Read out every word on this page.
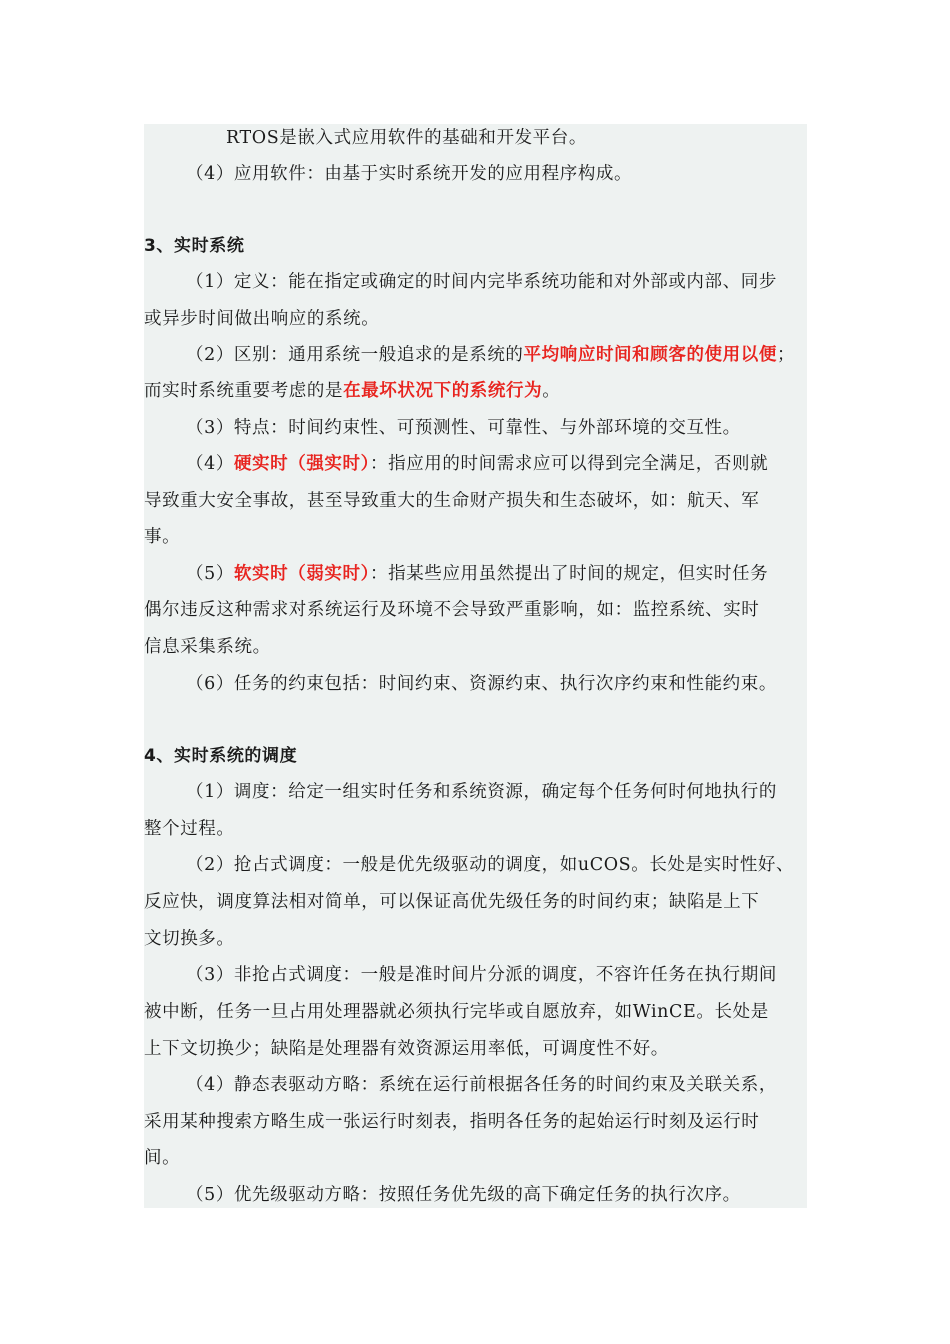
RTOS是嵌入式应用软件的基础和开发平台。
（4）应用软件：由基于实时系统开发的应用程序构成。
3、实时系统
（1）定义：能在指定或确定的时间内完毕系统功能和对外部或内部、同步
或异步时间做出响应的系统。
（2）区别：通用系统一般追求的是系统的平均响应时间和顾客的使用以便；
而实时系统重要考虑的是在最坏状况下的系统行为。
（3）特点：时间约束性、可预测性、可靠性、与外部环境的交互性。
（4）硬实时（强实时）：指应用的时间需求应可以得到完全满足，否则就
导致重大安全事故，甚至导致重大的生命财产损失和生态破坏，如：航天、军
事。
（5）软实时（弱实时）：指某些应用虽然提出了时间的规定，但实时任务
偶尔违反这种需求对系统运行及环境不会导致严重影响，如：监控系统、实时
信息采集系统。
（6）任务的约束包括：时间约束、资源约束、执行次序约束和性能约束。
4、实时系统的调度
（1）调度：给定一组实时任务和系统资源，确定每个任务何时何地执行的
整个过程。
（2）抢占式调度：一般是优先级驱动的调度，如uCOS。长处是实时性好、
反应快，调度算法相对简单，可以保证高优先级任务的时间约束；缺陷是上下
文切换多。
（3）非抢占式调度：一般是准时间片分派的调度，不容许任务在执行期间
被中断，任务一旦占用处理器就必须执行完毕或自愿放弃，如WinCE。长处是
上下文切换少；缺陷是处理器有效资源运用率低，可调度性不好。
（4）静态表驱动方略：系统在运行前根据各任务的时间约束及关联关系，
采用某种搜索方略生成一张运行时刻表，指明各任务的起始运行时刻及运行时
间。
（5）优先级驱动方略：按照任务优先级的高下确定任务的执行次序。
